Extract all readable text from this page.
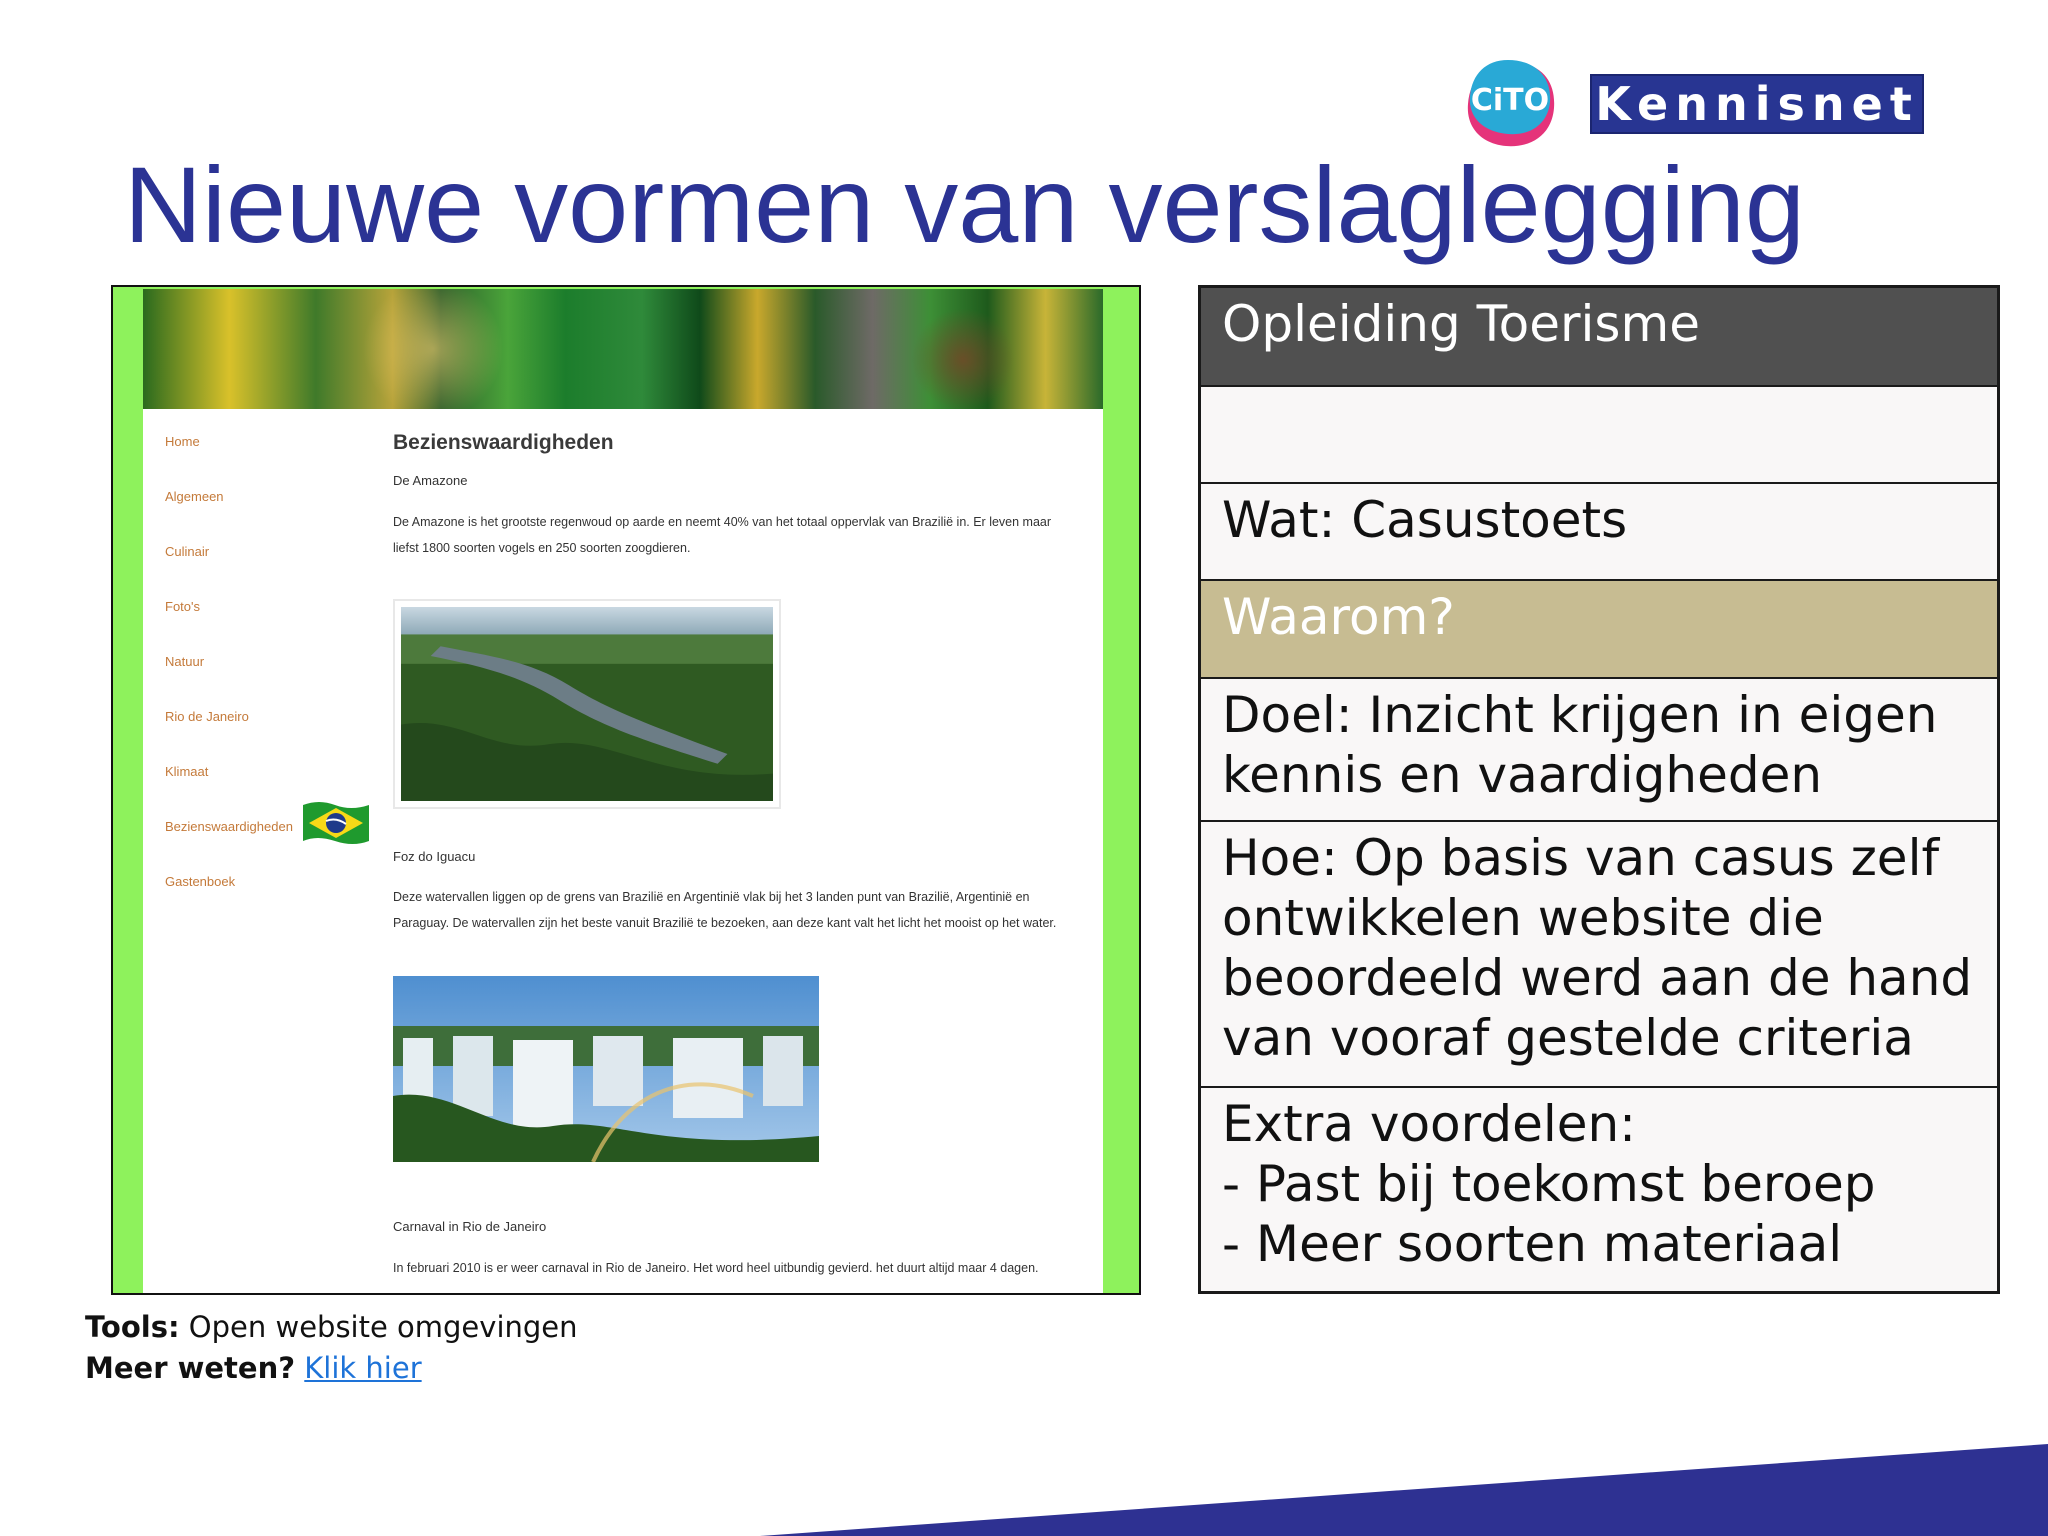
CiTO Kennisnet
Nieuwe vormen van verslaglegging
Home
Algemeen
Culinair
Foto's
Natuur
Rio de Janeiro
Klimaat
Bezienswaardigheden
Gastenboek
Bezienswaardigheden
De Amazone
De Amazone is het grootste regenwoud op aarde en neemt 40% van het totaal oppervlak van Brazilië in. Er leven maar liefst 1800 soorten vogels en 250 soorten zoogdieren.
Foz do Iguacu
Deze watervallen liggen op de grens van Brazilië en Argentinië vlak bij het 3 landen punt van Brazilië, Argentinië en Paraguay. De watervallen zijn het beste vanuit Brazilië te bezoeken, aan deze kant valt het licht het mooist op het water.
Carnaval in Rio de Janeiro
In februari 2010 is er weer carnaval in Rio de Janeiro. Het word heel uitbundig gevierd. het duurt altijd maar 4 dagen.
Opleiding Toerisme
Wat: Casustoets
Waarom?
Doel: Inzicht krijgen in eigen kennis en vaardigheden
Hoe: Op basis van casus zelf ontwikkelen website die beoordeeld werd aan de hand van vooraf gestelde criteria
Extra voordelen:
- Past bij toekomst beroep
- Meer soorten materiaal
Tools: Open website omgevingen
Meer weten? Klik hier
